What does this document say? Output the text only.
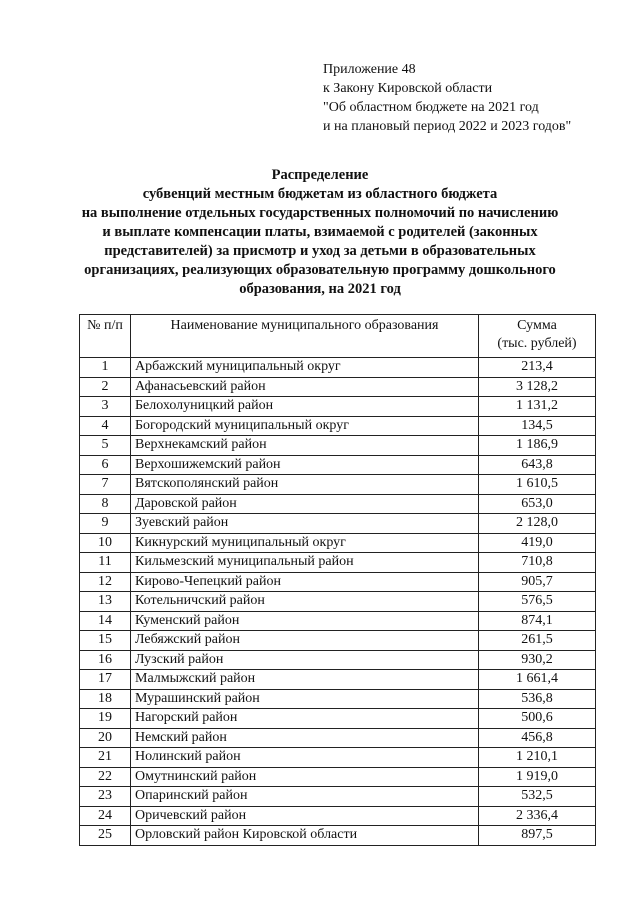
Приложение 48
к Закону Кировской области
"Об областном бюджете на 2021 год
и на плановый период 2022 и 2023 годов"
Распределение
субвенций местным бюджетам из областного бюджета
на выполнение отдельных государственных полномочий по начислению
и выплате компенсации платы, взимаемой с родителей (законных
представителей) за присмотр и уход за детьми в образовательных
организациях, реализующих образовательную программу дошкольного
образования, на 2021 год
№ п/п	Наименование муниципального образования	Сумма
(тыс. рублей)

1	Арбажский муниципальный округ	213,4
2	Афанасьевский район	3 128,2
3	Белохолуницкий район	1 131,2
4	Богородский муниципальный округ	134,5
5	Верхнекамский район	1 186,9
6	Верхошижемский район	643,8
7	Вятскополянский район	1 610,5
8	Даровской район	653,0
9	Зуевский район	2 128,0
10	Кикнурский муниципальный округ	419,0
11	Кильмезский муниципальный район	710,8
12	Кирово-Чепецкий район	905,7
13	Котельничский район	576,5
14	Куменский район	874,1
15	Лебяжский район	261,5
16	Лузский район	930,2
17	Малмыжский район	1 661,4
18	Мурашинский район	536,8
19	Нагорский район	500,6
20	Немский район	456,8
21	Нолинский район	1 210,1
22	Омутнинский район	1 919,0
23	Опаринский район	532,5
24	Оричевский район	2 336,4
25	Орловский район Кировской области	897,5
